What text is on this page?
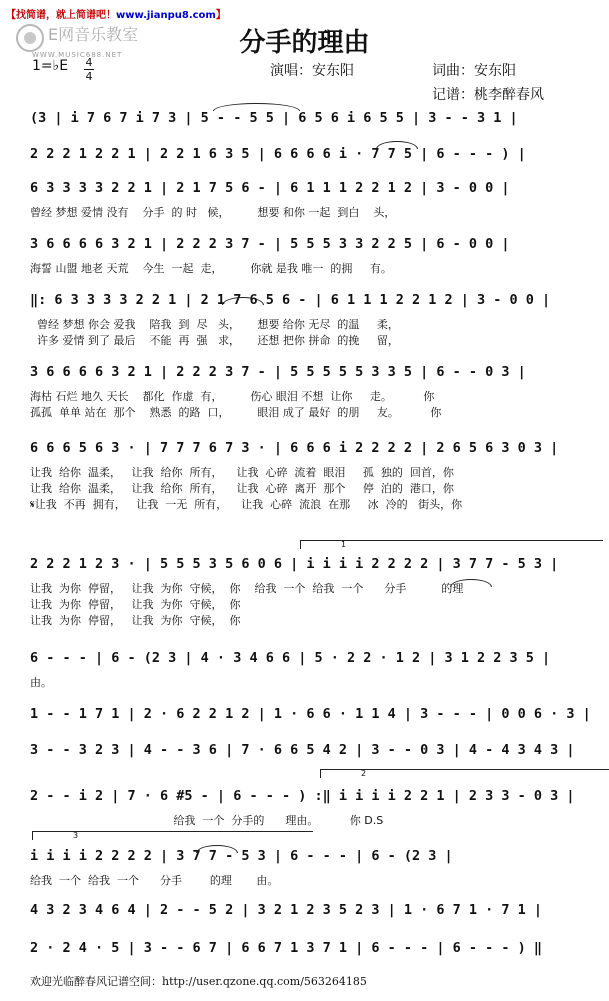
【找简谱，就上简谱吧！www.jianpu8.com】
E网音乐教室
WWW.MUSIC688.NET	分手的理由
演唱：安东阳	词曲：安东阳
记谱：桃李醉春风
1=♭E 4
4
(3 | i 7 6 7 i 7 3 | 5 - - 5 5 | 6 5 6 i 6 5 5 | 3 - - 3 1 |
2 2 2 1 2 2 1 | 2 2 1 6 3 5 | 6 6 6 6 i · 7 7 5 | 6 - - - ) |
6 3 3 3 3 2 2 1 | 2 1 7 5 6 - | 6 1 1 1 2 2 1 2 | 3 - 0 0 |
曾经 梦想 爱情 没有    分手  的 时   候，        想要 和你 一起  到白    头，
3 6 6 6 6 3 2 1 | 2 2 2 3 7 - | 5 5 5 3 3 2 2 5 | 6 - 0 0 |
海誓 山盟 地老 天荒    今生  一起  走，        你就 是我 唯一  的拥     有。
‖: 6 3 3 3 3 2 2 1 | 2 1 7 6 5 6 - | 6 1 1 1 2 2 1 2 | 3 - 0 0 |
曾经 梦想 你会 爱我    陪我  到  尽   头，     想要 给你 无尽  的温     柔，
许多 爱情 到了 最后    不能  再  强   求，     还想 把你 拼命  的挽     留，
3 6 6 6 6 3 2 1 | 2 2 2 3 7 - | 5 5 5 5 5 3 3 5 | 6 - - 0 3 |
海枯 石烂 地久 天长    都化  作虚  有，        伤心 眼泪 不想  让你     走。         你
孤孤  单单 站在  那个    熟悉  的路  口，        眼泪 成了 最好  的朋     友。         你
6 6 6 5 6 3 · | 7 7 7 6 7 3 · | 6 6 6 i 2 2 2 2 | 2 6 5 6 3 0 3 |
让我  给你  温柔，   让我  给你  所有，    让我  心碎  流着  眼泪     孤  独的  回首，你
让我  给你  温柔，   让我  给你  所有，    让我  心碎  离开  那个     停  泊的  港口，你
𝄋让我  不再  拥有，   让我  一无  所有，    让我  心碎  流浪  在那     冰  冷的   街头，你
2 2 2 1 2 3 · | 5 5 5 3 5 6 0 6 | i i i i 2 2 2 2 | 3 7 7 - 5 3 |
让我  为你  停留，   让我  为你  守候，  你    给我  一个  给我  一个      分手          的理
让我  为你  停留，   让我  为你  守候，  你
让我  为你  停留，   让我  为你  守候，  你
6 - - - | 6 - (2 3 | 4 · 3 4 6 6 | 5 · 2 2 · 1 2 | 3 1 2 2 3 5 |
由。
1 - - 1 7 1 | 2 · 6 2 2 1 2 | 1 · 6 6 · 1 1 4 | 3 - - - | 0 0 6 · 3 |
3 - - 3 2 3 | 4 - - 3 6 | 7 · 6 6 5 4 2 | 3 - - 0 3 | 4 - 4 3 4 3 |
2 - - i 2 | 7 · 6 #5 - | 6 - - - ) :‖ i i i i 2 2 1 | 2 3 3 - 0 3 |
给我  一个  分手的      理由。         你 D.S
i i i i 2 2 2 2 | 3 7 7 - 5 3 | 6 - - - | 6 - (2 3 |
给我  一个  给我  一个      分手        的理       由。
4 3 2 3 4 6 4 | 2 - - 5 2 | 3 2 1 2 3 5 2 3 | 1 · 6 7 1 · 7 1 |
2 · 2 4 · 5 | 3 - - 6 7 | 6 6 7 1 3 7 1 | 6 - - - | 6 - - - ) ‖
1
2
3
欢迎光临醉春风记谱空间：http://user.qzone.qq.com/563264185
